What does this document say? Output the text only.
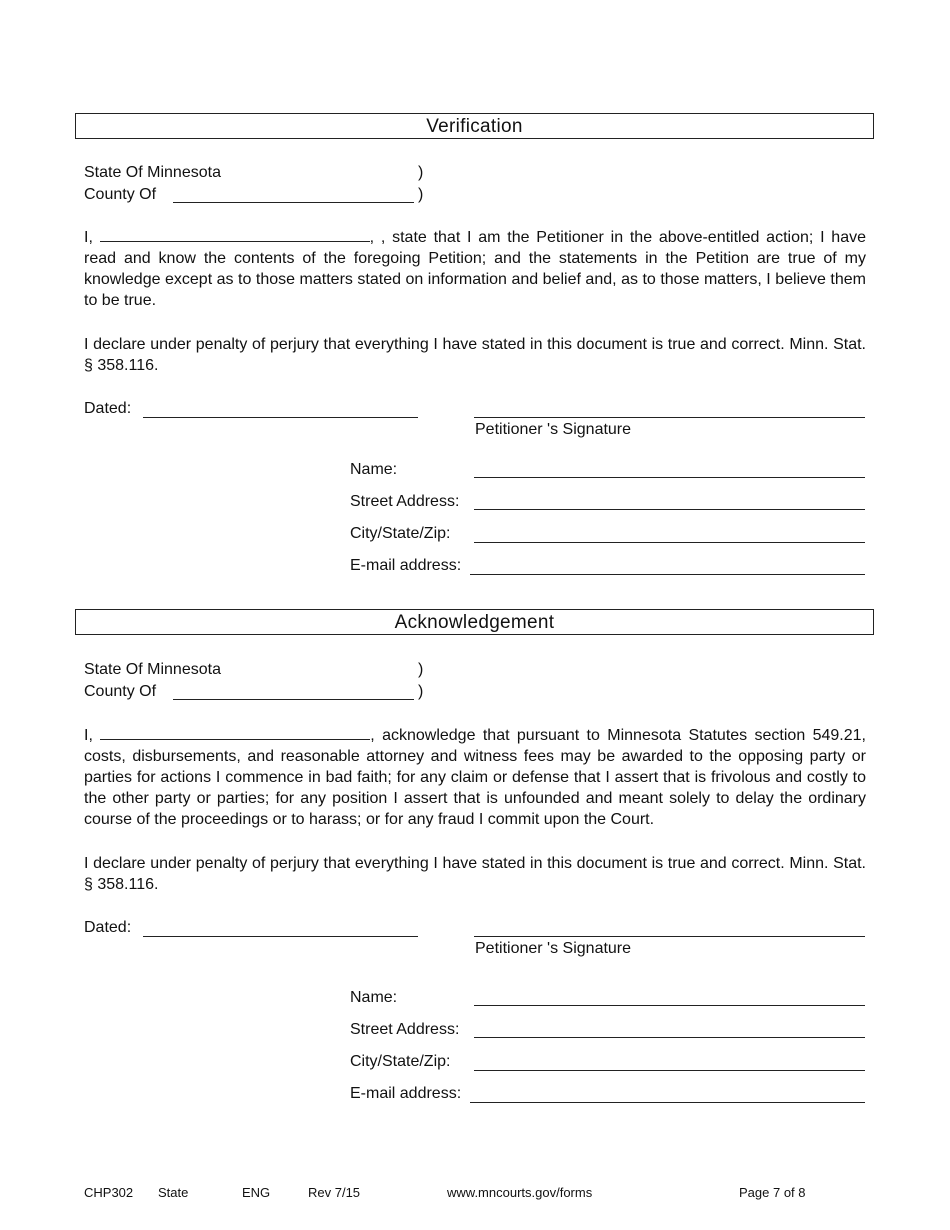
Verification
State Of Minnesota	)
County Of	)
I,	, , state that I am the Petitioner in the above-entitled action; I have read and know the contents of the foregoing Petition; and the statements in the Petition are true of my knowledge except as to those matters stated on information and belief and, as to those matters, I believe them to be true.
I declare under penalty of perjury that everything I have stated in this document is true and correct. Minn. Stat. § 358.116.
Dated:
Petitioner 's Signature
Name:
Street Address:
City/State/Zip:
E-mail address:
Acknowledgement
State Of Minnesota	)
County Of	)
I,	, acknowledge that pursuant to Minnesota Statutes section 549.21, costs, disbursements, and reasonable attorney and witness fees may be awarded to the opposing party or parties for actions I commence in bad faith; for any claim or defense that I assert that is frivolous and costly to the other party or parties; for any position I assert that is unfounded and meant solely to delay the ordinary course of the proceedings or to harass; or for any fraud I commit upon the Court.
I declare under penalty of perjury that everything I have stated in this document is true and correct. Minn. Stat. § 358.116.
Dated:
Petitioner 's Signature
Name:
Street Address:
City/State/Zip:
E-mail address:
CHP302 State	ENG	Rev 7/15	www.mncourts.gov/forms	Page 7 of 8
